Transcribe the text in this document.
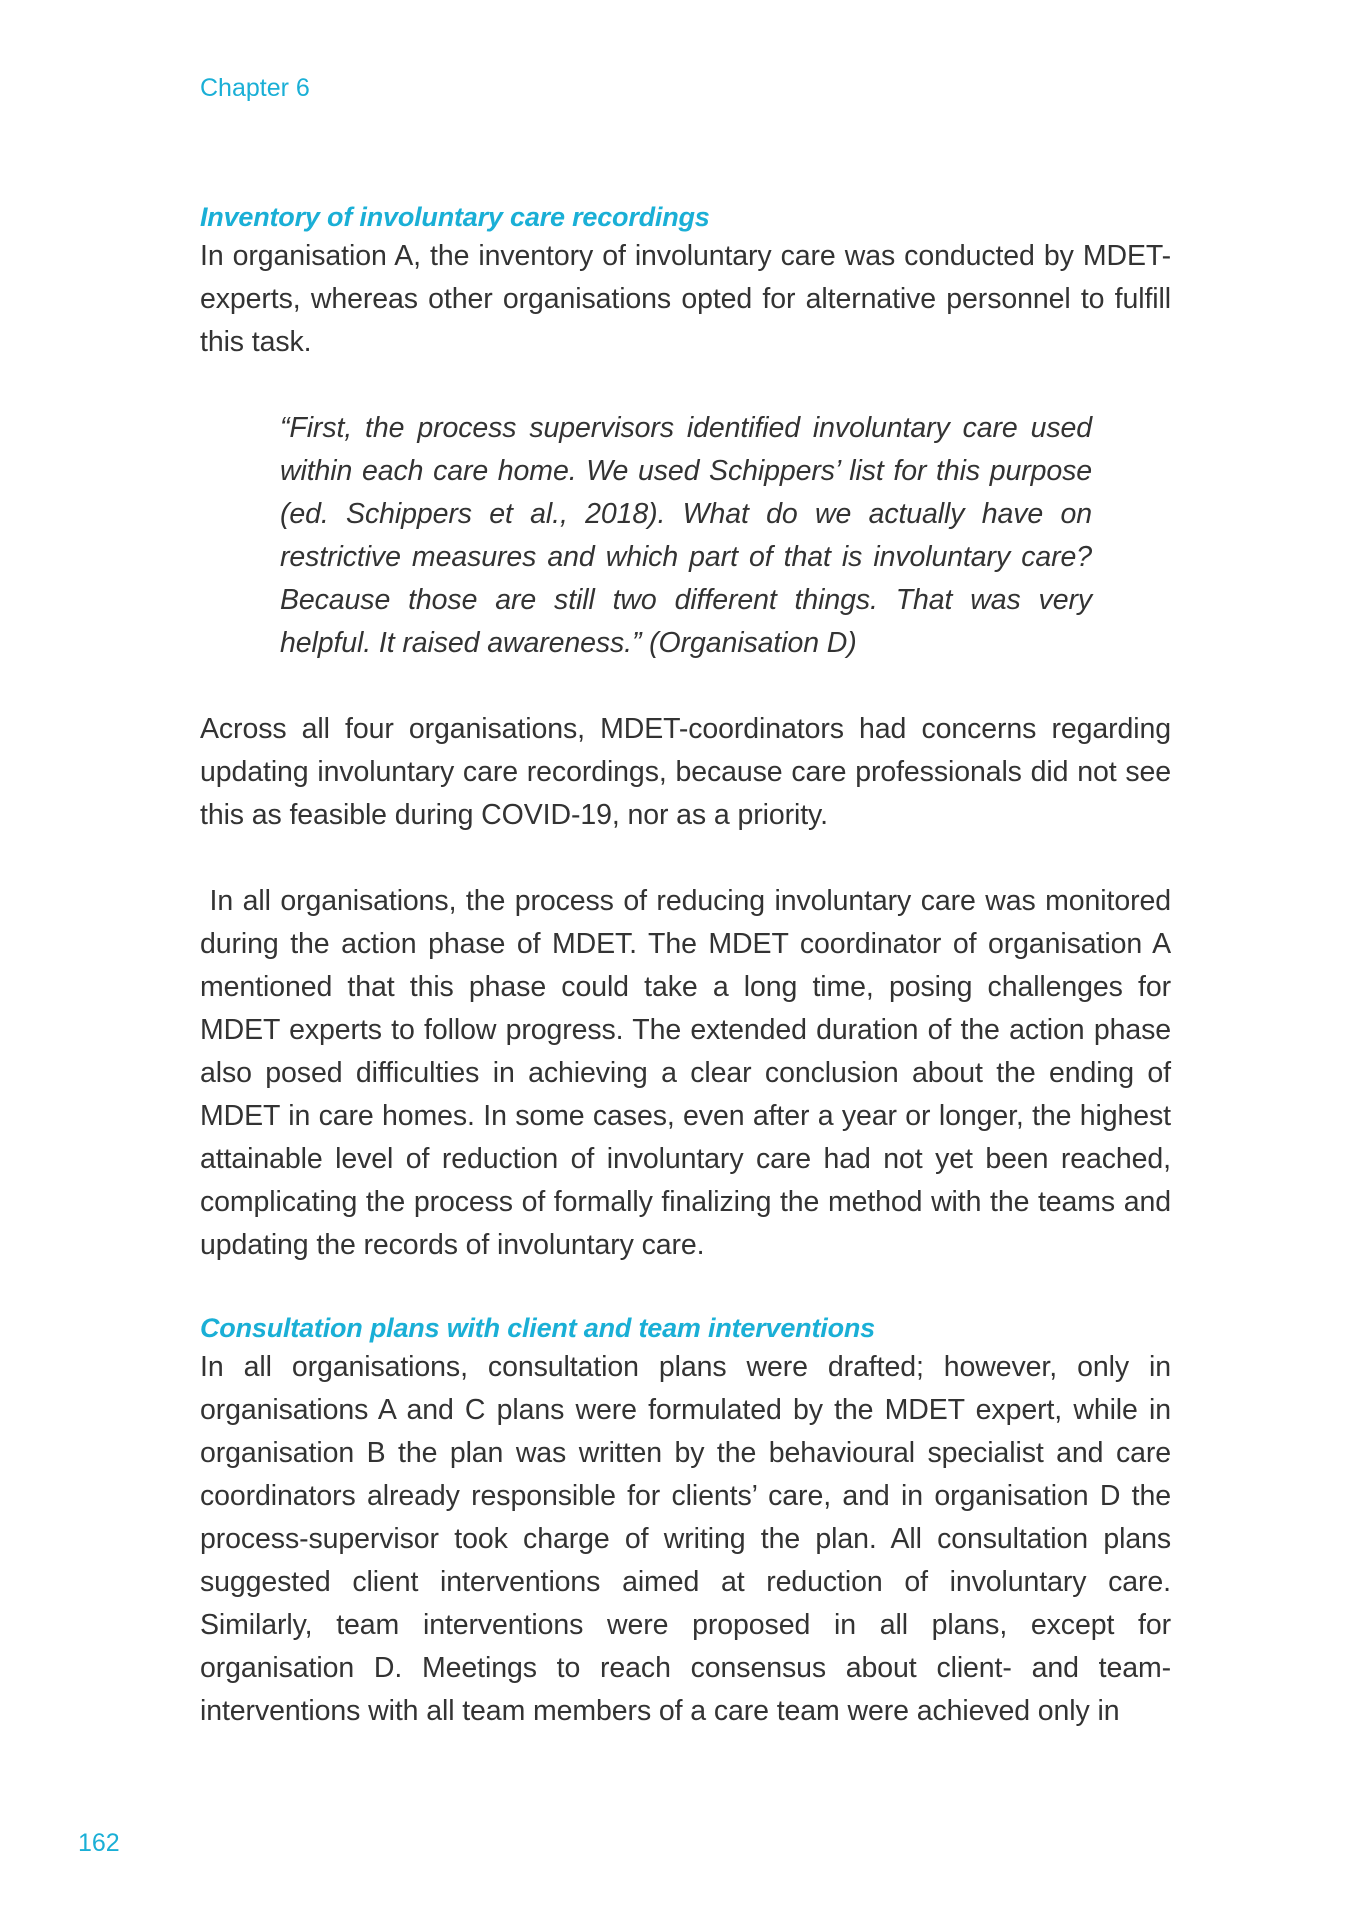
Chapter 6
Inventory of involuntary care recordings

In organisation A, the inventory of involuntary care was conducted by MDET-experts, whereas other organisations opted for alternative personnel to fulfill this task.

“First, the process supervisors identified involuntary care used within each care home. We used Schippers’ list for this purpose (ed. Schippers et al., 2018). What do we actually have on restrictive measures and which part of that is involuntary care? Because those are still two different things. That was very helpful. It raised awareness.” (Organisation D)

Across all four organisations, MDET-coordinators had concerns regarding updating involuntary care recordings, because care professionals did not see this as feasible during COVID-19, nor as a priority.

In all organisations, the process of reducing involuntary care was monitored during the action phase of MDET. The MDET coordinator of organisation A mentioned that this phase could take a long time, posing challenges for MDET experts to follow progress. The extended duration of the action phase also posed difficulties in achieving a clear conclusion about the ending of MDET in care homes. In some cases, even after a year or longer, the highest attainable level of reduction of involuntary care had not yet been reached, complicating the process of formally finalizing the method with the teams and updating the records of involuntary care.

Consultation plans with client and team interventions

In all organisations, consultation plans were drafted; however, only in organisations A and C plans were formulated by the MDET expert, while in organisation B the plan was written by the behavioural specialist and care coordinators already responsible for clients’ care, and in organisation D the process-supervisor took charge of writing the plan. All consultation plans suggested client interventions aimed at reduction of involuntary care. Similarly, team interventions were proposed in all plans, except for organisation D. Meetings to reach consensus about client- and team-interventions with all team members of a care team were achieved only in

162
